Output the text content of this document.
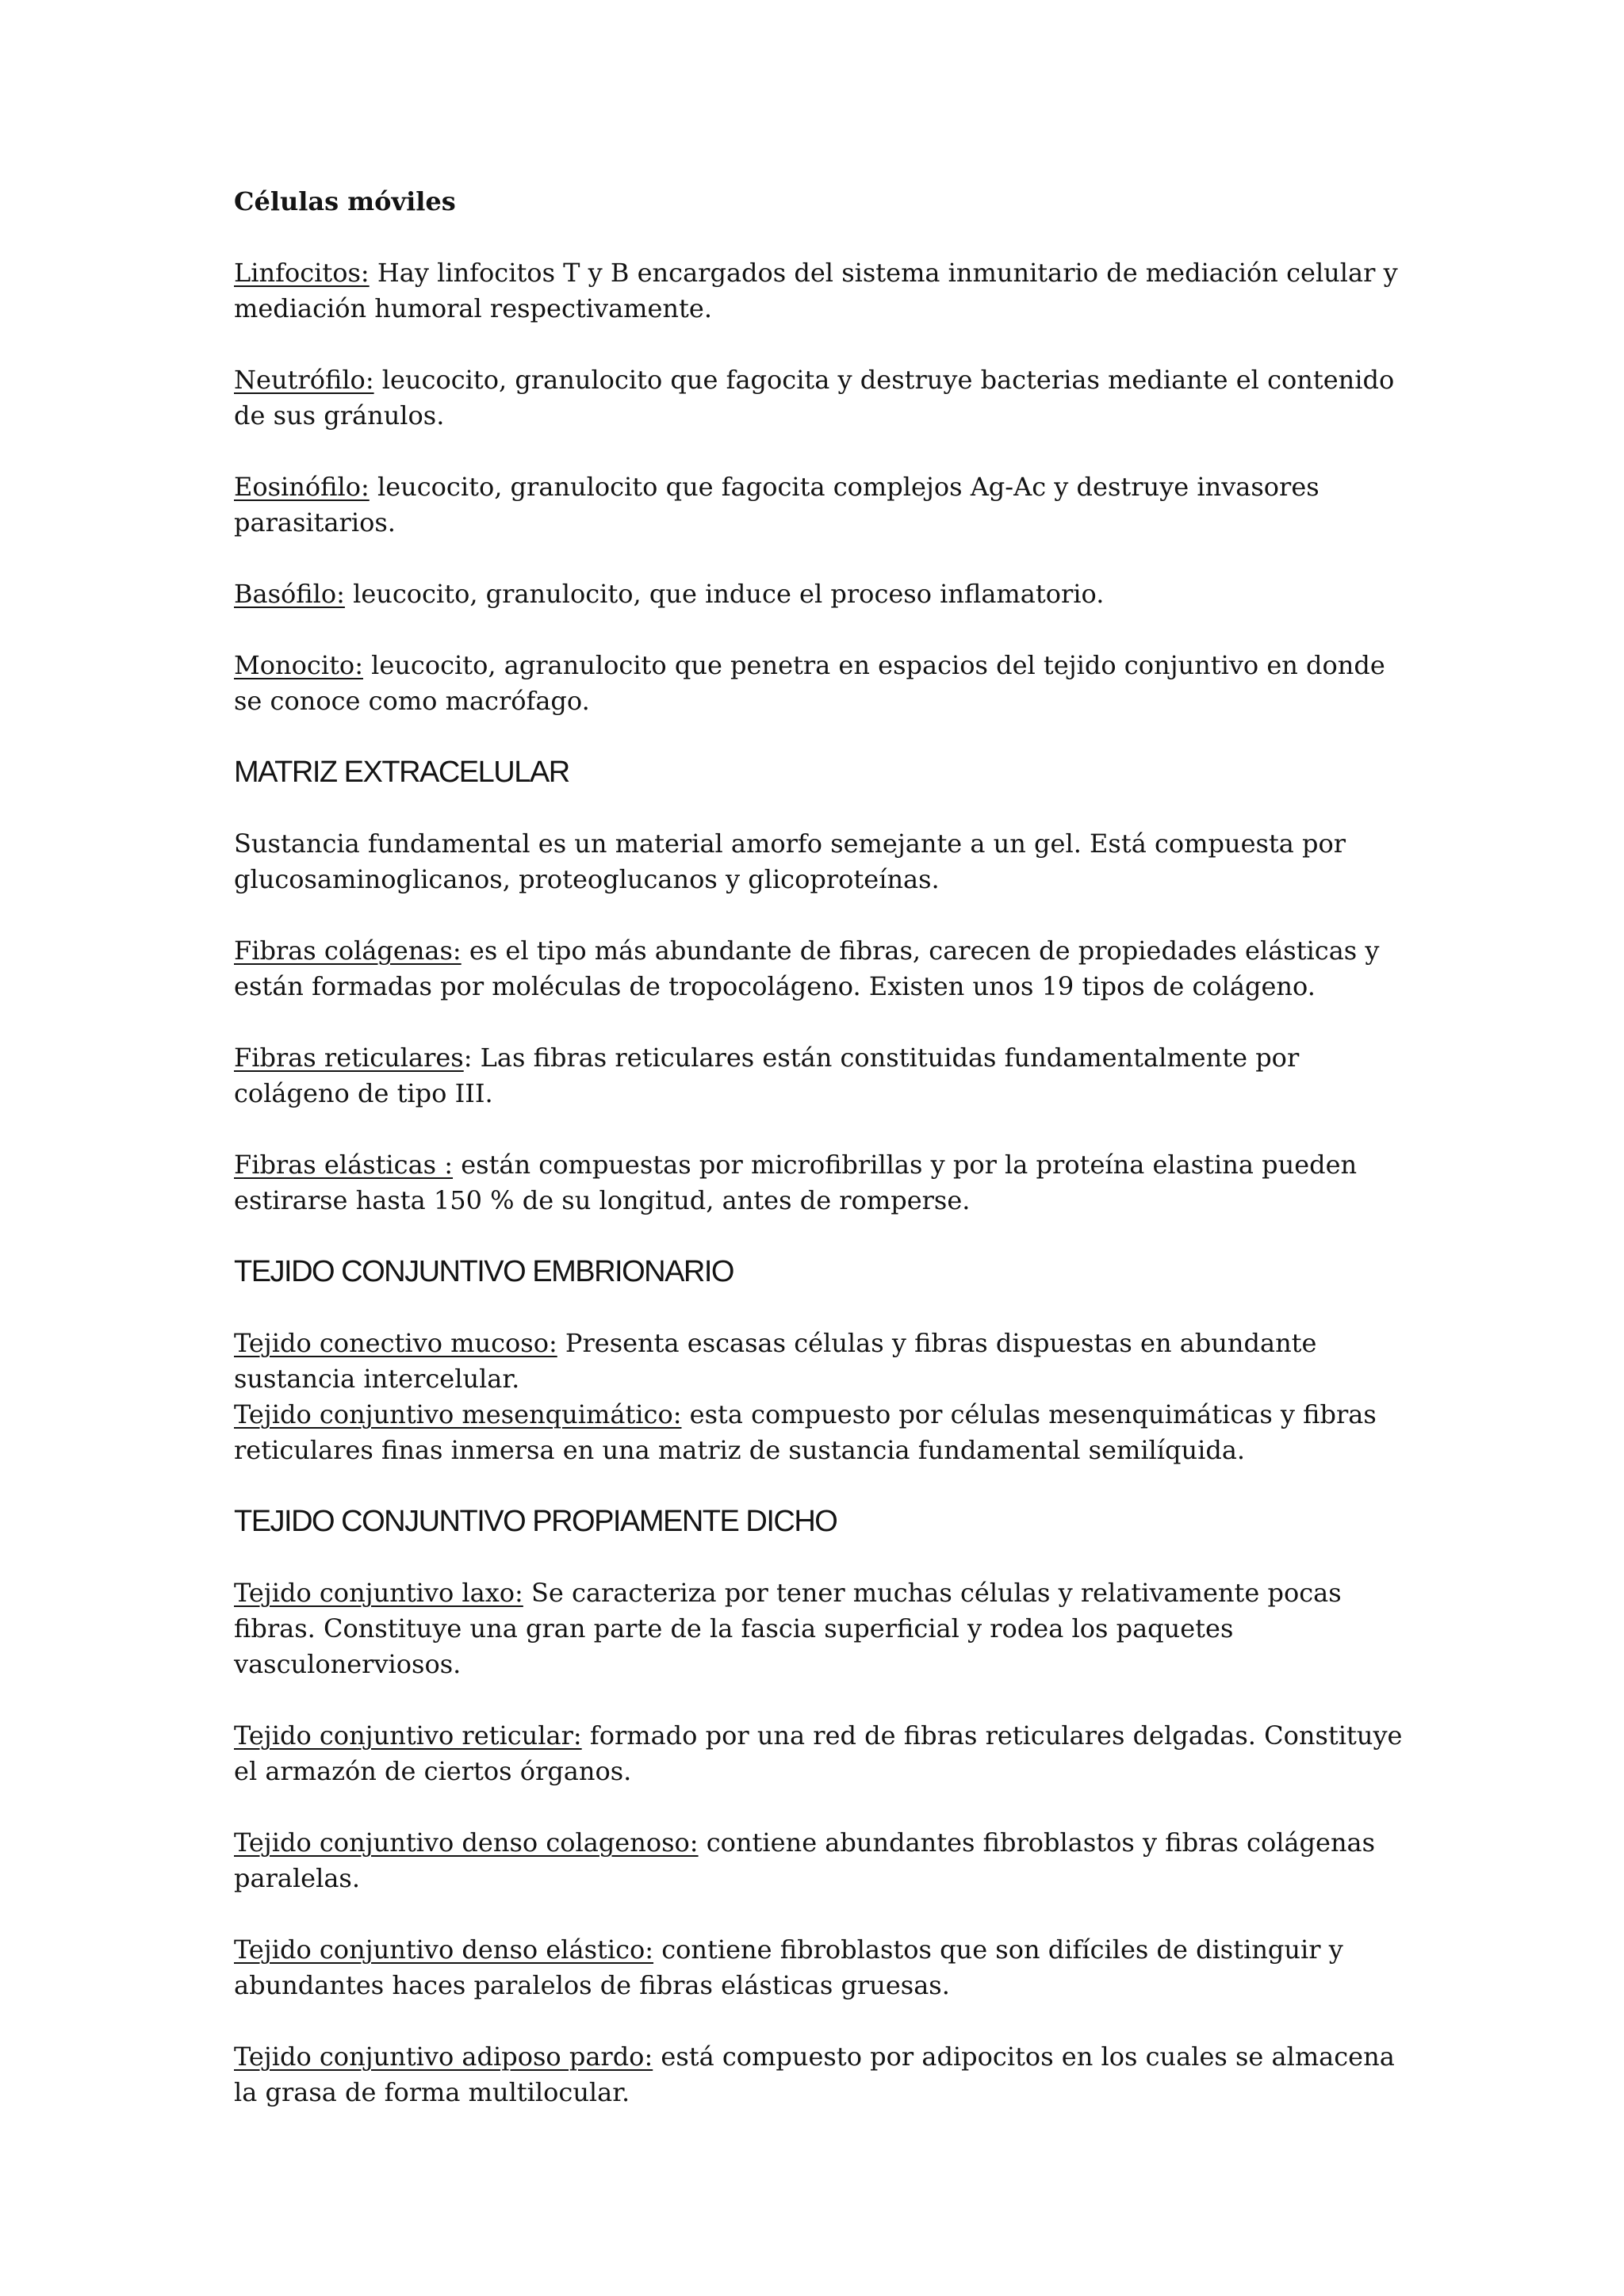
Células móviles

Linfocitos: Hay linfocitos T y B encargados del sistema inmunitario de mediación celular y mediación humoral respectivamente.

Neutrófilo: leucocito, granulocito que fagocita y destruye bacterias mediante el contenido de sus gránulos.

Eosinófilo: leucocito, granulocito que fagocita complejos Ag-Ac y destruye invasores parasitarios.

Basófilo: leucocito, granulocito, que induce el proceso inflamatorio.

Monocito: leucocito, agranulocito que penetra en espacios del tejido conjuntivo en donde se conoce como macrófago.

MATRIZ EXTRACELULAR

Sustancia fundamental es un material amorfo semejante a un gel. Está compuesta por glucosaminoglicanos, proteoglucanos y glicoproteínas.

Fibras colágenas: es el tipo más abundante de fibras, carecen de propiedades elásticas y están formadas por moléculas de tropocolágeno. Existen unos 19 tipos de colágeno.

Fibras reticulares: Las fibras reticulares están constituidas fundamentalmente por colágeno de tipo III.

Fibras elásticas : están compuestas por microfibrillas y por la proteína elastina pueden estirarse hasta 150 % de su longitud, antes de romperse.

TEJIDO CONJUNTIVO EMBRIONARIO

Tejido conectivo mucoso: Presenta escasas células y fibras dispuestas en abundante sustancia intercelular.

Tejido conjuntivo mesenquimático: esta compuesto por células mesenquimáticas y fibras reticulares finas inmersa en una matriz de sustancia fundamental semilíquida.

TEJIDO CONJUNTIVO PROPIAMENTE DICHO

Tejido conjuntivo laxo: Se caracteriza por tener muchas células y relativamente pocas fibras. Constituye una gran parte de la fascia superficial y rodea los paquetes vasculonerviosos.

Tejido conjuntivo reticular: formado por una red de fibras reticulares delgadas. Constituye el armazón de ciertos órganos.

Tejido conjuntivo denso colagenoso: contiene abundantes fibroblastos y fibras colágenas paralelas.

Tejido conjuntivo denso elástico: contiene fibroblastos que son difíciles de distinguir y abundantes haces paralelos de fibras elásticas gruesas.

Tejido conjuntivo adiposo pardo: está compuesto por adipocitos en los cuales se almacena la grasa de forma multilocular.
